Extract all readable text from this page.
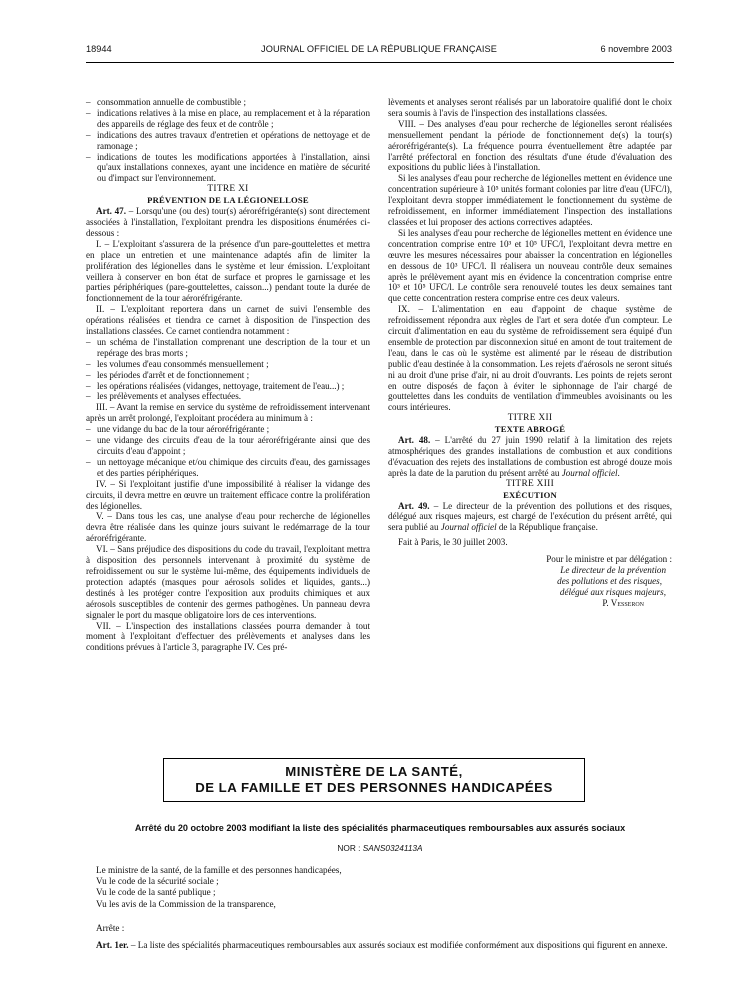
18944	JOURNAL OFFICIEL DE LA RÉPUBLIQUE FRANÇAISE	6 novembre 2003
– consommation annuelle de combustible ;
– indications relatives à la mise en place, au remplacement et à la réparation des appareils de réglage des feux et de contrôle ;
– indications des autres travaux d'entretien et opérations de nettoyage et de ramonage ;
– indications de toutes les modifications apportées à l'installation, ainsi qu'aux installations connexes, ayant une incidence en matière de sécurité ou d'impact sur l'environnement.

TITRE XI

PRÉVENTION DE LA LÉGIONELLOSE

Art. 47. – Lorsqu'une (ou des) tour(s) aéroréfrigérante(s) sont directement associées à l'installation, l'exploitant prendra les dispositions énumérées ci-dessous :

I. – L'exploitant s'assurera de la présence d'un pare-gouttelettes et mettra en place un entretien et une maintenance adaptés afin de limiter la prolifération des légionelles dans le système et leur émission. L'exploitant veillera à conserver en bon état de surface et propres le garnissage et les parties périphériques (pare-gouttelettes, caisson...) pendant toute la durée de fonctionnement de la tour aéroréfrigérante.

II. – L'exploitant reportera dans un carnet de suivi l'ensemble des opérations réalisées et tiendra ce carnet à disposition de l'inspection des installations classées. Ce carnet contiendra notamment :

– un schéma de l'installation comprenant une description de la tour et un repérage des bras morts ;
– les volumes d'eau consommés mensuellement ;
– les périodes d'arrêt et de fonctionnement ;
– les opérations réalisées (vidanges, nettoyage, traitement de l'eau...) ;
– les prélèvements et analyses effectuées.

III. – Avant la remise en service du système de refroidissement intervenant après un arrêt prolongé, l'exploitant procédera au minimum à :

– une vidange du bac de la tour aéroréfrigérante ;
– une vidange des circuits d'eau de la tour aéroréfrigérante ainsi que des circuits d'eau d'appoint ;
– un nettoyage mécanique et/ou chimique des circuits d'eau, des garnissages et des parties périphériques.

IV. – Si l'exploitant justifie d'une impossibilité à réaliser la vidange des circuits, il devra mettre en œuvre un traitement efficace contre la prolifération des légionelles.

V. – Dans tous les cas, une analyse d'eau pour recherche de légionelles devra être réalisée dans les quinze jours suivant le redémarrage de la tour aéroréfrigérante.

VI. – Sans préjudice des dispositions du code du travail, l'exploitant mettra à disposition des personnels intervenant à proximité du système de refroidissement ou sur le système lui-même, des équipements individuels de protection adaptés (masques pour aérosols solides et liquides, gants...) destinés à les protéger contre l'exposition aux produits chimiques et aux aérosols susceptibles de contenir des germes pathogènes. Un panneau devra signaler le port du masque obligatoire lors de ces interventions.

VII. – L'inspection des installations classées pourra demander à tout moment à l'exploitant d'effectuer des prélèvements et analyses dans les conditions prévues à l'article 3, paragraphe IV. Ces pré-

lèvements et analyses seront réalisés par un laboratoire qualifié dont le choix sera soumis à l'avis de l'inspection des installations classées.

VIII. – Des analyses d'eau pour recherche de légionelles seront réalisées mensuellement pendant la période de fonctionnement de(s) la tour(s) aéroréfrigérante(s). La fréquence pourra éventuellement être adaptée par l'arrêté préfectoral en fonction des résultats d'une étude d'évaluation des expositions du public liées à l'installation.

Si les analyses d'eau pour recherche de légionelles mettent en évidence une concentration supérieure à 10⁵ unités formant colonies par litre d'eau (UFC/l), l'exploitant devra stopper immédiatement le fonctionnement du système de refroidissement, en informer immédiatement l'inspection des installations classées et lui proposer des actions correctives adaptées.

Si les analyses d'eau pour recherche de légionelles mettent en évidence une concentration comprise entre 10³ et 10⁵ UFC/l, l'exploitant devra mettre en œuvre les mesures nécessaires pour abaisser la concentration en légionelles en dessous de 10³ UFC/l. Il réalisera un nouveau contrôle deux semaines après le prélèvement ayant mis en évidence la concentration comprise entre 10³ et 10⁵ UFC/l. Le contrôle sera renouvelé toutes les deux semaines tant que cette concentration restera comprise entre ces deux valeurs.

IX. – L'alimentation en eau d'appoint de chaque système de refroidissement répondra aux règles de l'art et sera dotée d'un compteur. Le circuit d'alimentation en eau du système de refroidissement sera équipé d'un ensemble de protection par disconnexion situé en amont de tout traitement de l'eau, dans le cas où le système est alimenté par le réseau de distribution public d'eau destinée à la consommation. Les rejets d'aérosols ne seront situés ni au droit d'une prise d'air, ni au droit d'ouvrants. Les points de rejets seront en outre disposés de façon à éviter le siphonnage de l'air chargé de gouttelettes dans les conduits de ventilation d'immeubles avoisinants ou les cours intérieures.

TITRE XII

TEXTE ABROGÉ

Art. 48. – L'arrêté du 27 juin 1990 relatif à la limitation des rejets atmosphériques des grandes installations de combustion et aux conditions d'évacuation des rejets des installations de combustion est abrogé douze mois après la date de la parution du présent arrêté au Journal officiel.

TITRE XIII

EXÉCUTION

Art. 49. – Le directeur de la prévention des pollutions et des risques, délégué aux risques majeurs, est chargé de l'exécution du présent arrêté, qui sera publié au Journal officiel de la République française.

Fait à Paris, le 30 juillet 2003.

Pour le ministre et par délégation :
Le directeur de la prévention
des pollutions et des risques,
délégué aux risques majeurs,
P. Vesseron
MINISTÈRE DE LA SANTÉ,
DE LA FAMILLE ET DES PERSONNES HANDICAPÉES
Arrêté du 20 octobre 2003 modifiant la liste des spécialités pharmaceutiques remboursables aux assurés sociaux
NOR : SANS0324113A

Le ministre de la santé, de la famille et des personnes handicapées,

Vu le code de la sécurité sociale ;

Vu le code de la santé publique ;

Vu les avis de la Commission de la transparence,

Arrête :

Art. 1er. – La liste des spécialités pharmaceutiques remboursables aux assurés sociaux est modifiée conformément aux dispositions qui figurent en annexe.
